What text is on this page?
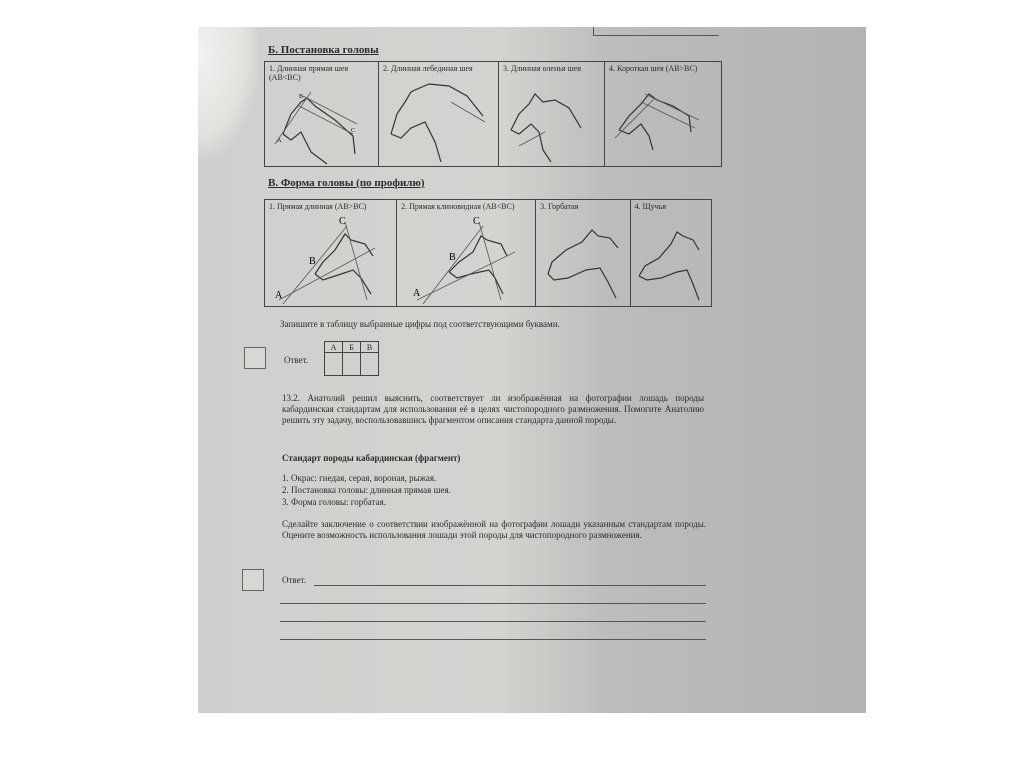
Б. Постановка головы
1. Длинная прямая шея (АВ<ВС)
В
А
С
2. Длинная лебединая шея	3. Длинная оленья шея	4. Короткая шея (АВ>ВС)
В. Форма головы (по профилю)
1. Прямая длинная (АВ>ВС)
С
В
А
2. Прямая клиновидная (АВ<ВС)
С
В
А
3. Горбатая	4. Щучья
Запишите в таблицу выбранные цифры под соответствующими буквами.
Ответ.
А	Б	В

13.2. Анатолий решил выяснить, соответствует ли изображённая на фотографии лошадь породы кабардинская стандартам для использования её в целях чистопородного размножения. Помогите Анатолию решить эту задачу, воспользовавшись фрагментом описания стандарта данной породы.
Стандарт породы кабардинская (фрагмент)
1. Окрас: гнедая, серая, вороная, рыжая.
2. Постановка головы: длинная прямая шея.
3. Форма головы: горбатая.
Сделайте заключение о соответствии изображённой на фотографии лошади указанным стандартам породы. Оцените возможность использования лошади этой породы для чистопородного размножения.
Ответ.
